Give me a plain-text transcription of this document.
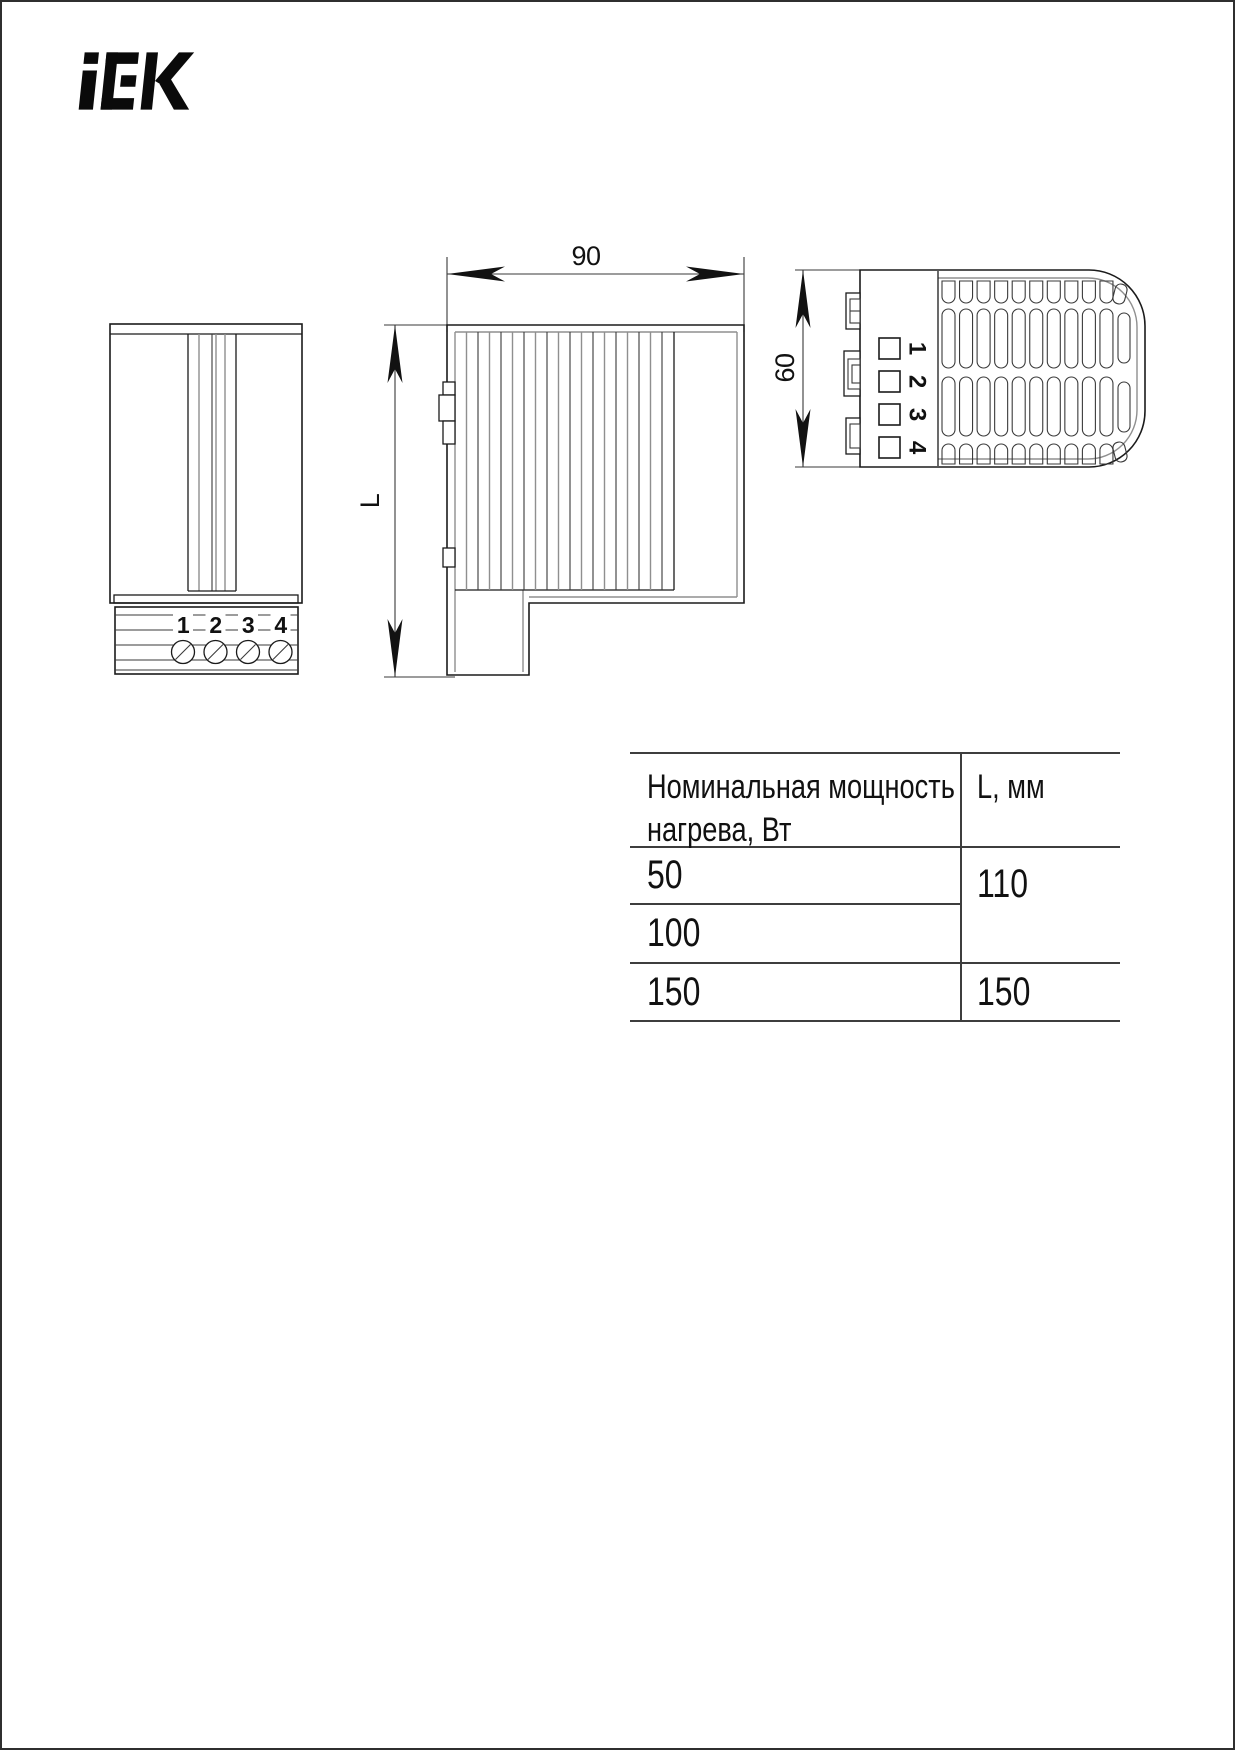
1 2 3 4
90
L
60
1
2
3
4
Номинальная мощность
нагрева, Вт
L, мм
50	110
100
150	150
